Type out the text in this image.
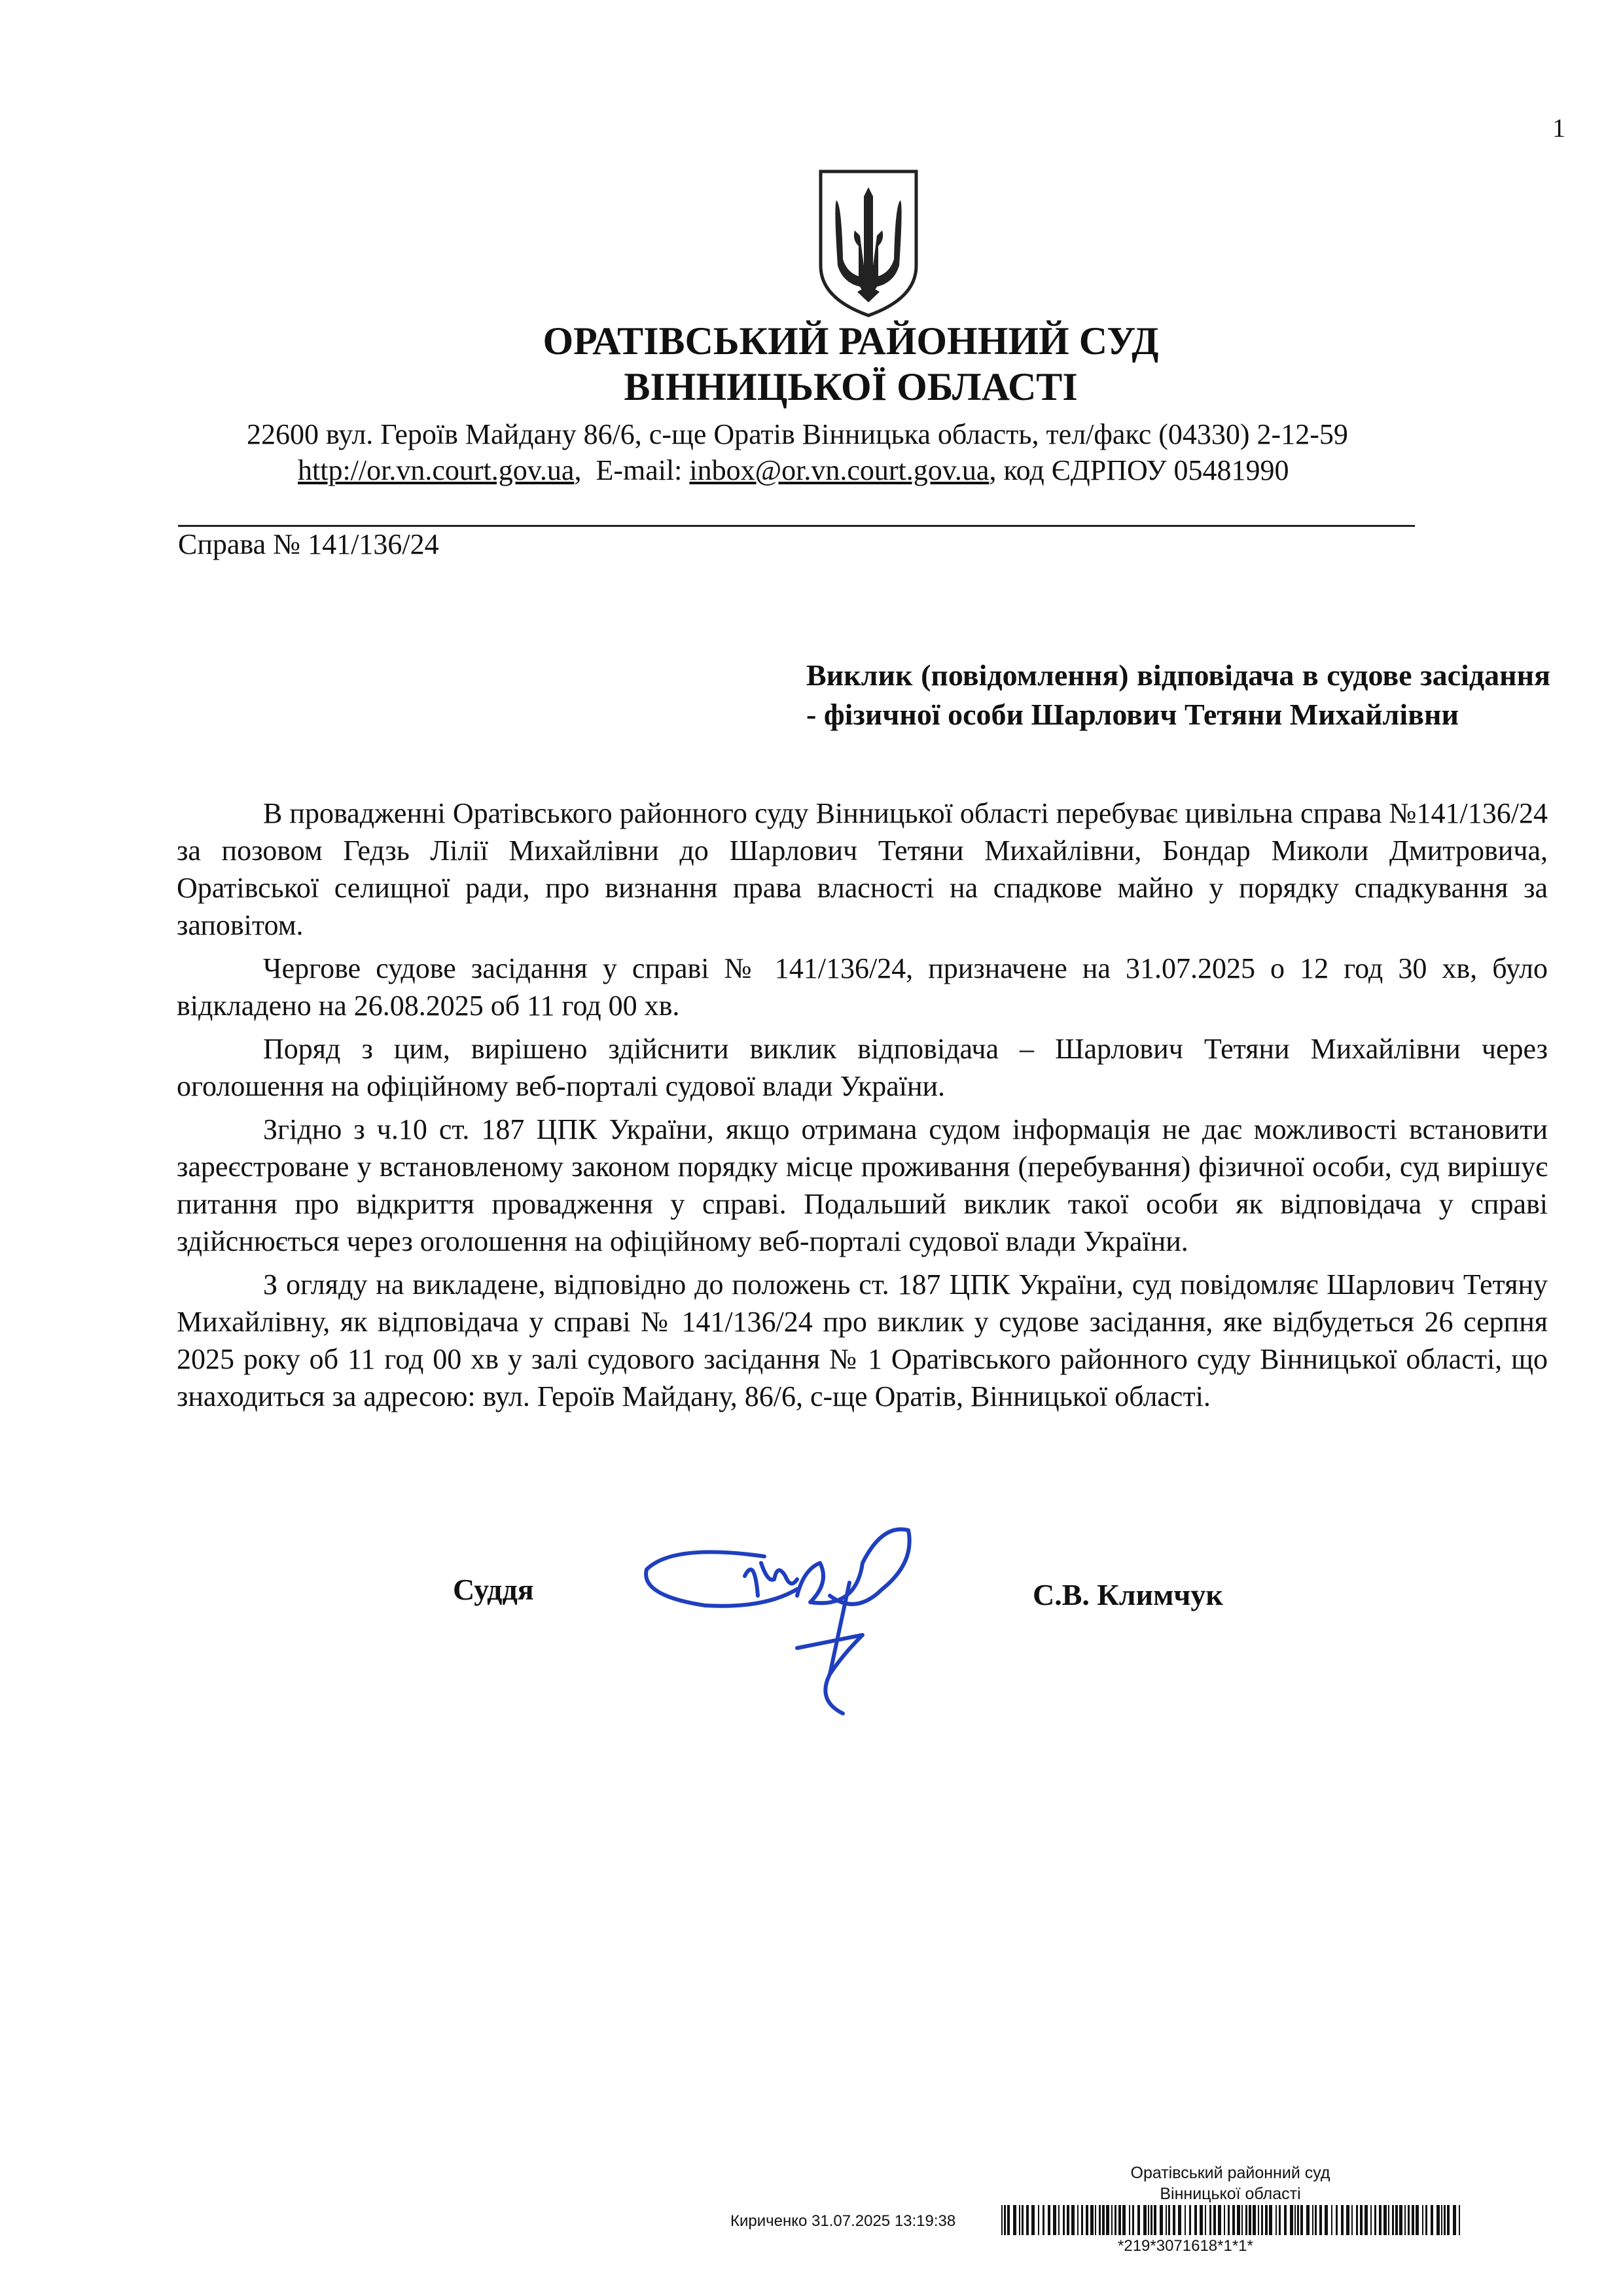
1
ОРАТІВСЬКИЙ РАЙОННИЙ СУД
ВІННИЦЬКОЇ ОБЛАСТІ
22600 вул. Героїв Майдану 86/6, с-ще Оратів Вінницька область, тел/факс (04330) 2-12-59
http://or.vn.court.gov.ua,  E-mail: inbox@or.vn.court.gov.ua, код ЄДРПОУ 05481990
Справа № 141/136/24
Виклик (повідомлення) відповідача в судове засідання - фізичної особи Шарлович Тетяни Михайлівни

В провадженні Оратівського районного суду Вінницької області перебуває цивільна справа №141/136/24 за позовом Гедзь Лілії Михайлівни до Шарлович Тетяни Михайлівни, Бондар Миколи Дмитровича, Оратівської селищної ради, про визнання права власності на спадкове майно у порядку спадкування за заповітом.

Чергове судове засідання у справі № 141/136/24, призначене на 31.07.2025 о 12 год 30 хв, було відкладено на 26.08.2025 об 11 год 00 хв.

Поряд з цим, вирішено здійснити виклик відповідача – Шарлович Тетяни Михайлівни через оголошення на офіційному веб-порталі судової влади України.

Згідно з ч.10 ст. 187 ЦПК України, якщо отримана судом інформація не дає можливості встановити зареєстроване у встановленому законом порядку місце проживання (перебування) фізичної особи, суд вирішує питання про відкриття провадження у справі. Подальший виклик такої особи як відповідача у справі здійснюється через оголошення на офіційному веб-порталі судової влади України.

З огляду на викладене, відповідно до положень ст. 187 ЦПК України, суд повідомляє Шарлович Тетяну Михайлівну, як відповідача у справі № 141/136/24 про виклик у судове засідання, яке відбудеться 26 серпня 2025 року об 11 год 00 хв у залі судового засідання № 1 Оратівського районного суду Вінницької області, що знаходиться за адресою: вул. Героїв Майдану, 86/6, с-ще Оратів, Вінницької області.

Суддя	С.В. Климчук
Оратівський районний суд
Вінницької області
Кириченко 31.07.2025 13:19:38
*219*3071618*1*1*
